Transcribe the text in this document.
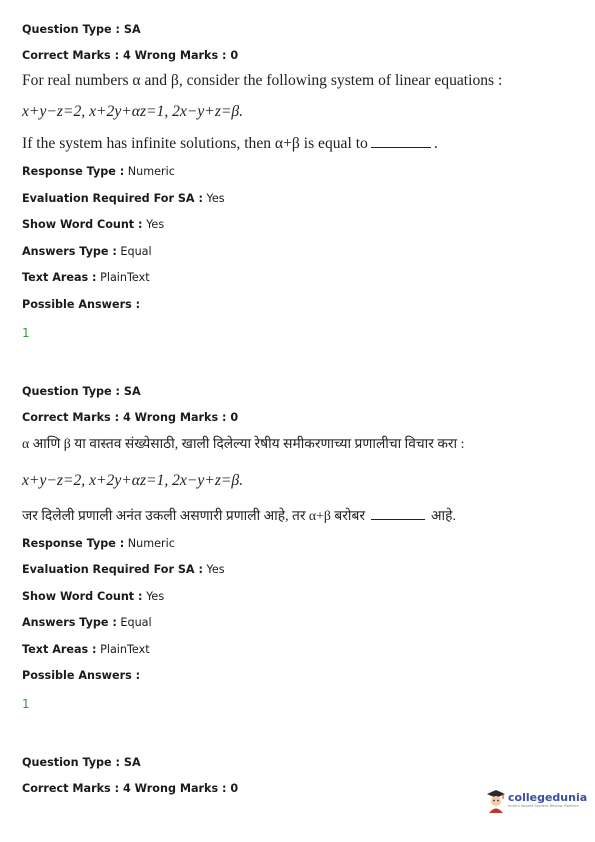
Question Type : SA
Correct Marks : 4 Wrong Marks : 0
For real numbers α and β, consider the following system of linear equations :
x+y−z=2, x+2y+αz=1, 2x−y+z=β.
If the system has infinite solutions, then α+β is equal to	.
Response Type : Numeric
Evaluation Required For SA : Yes
Show Word Count : Yes
Answers Type : Equal
Text Areas : PlainText
Possible Answers :
1
Question Type : SA
Correct Marks : 4 Wrong Marks : 0
α आणि β या वास्तव संख्येसाठी, खाली दिलेल्या रेषीय समीकरणाच्या प्रणालीचा विचार करा :
x+y−z=2, x+2y+αz=1, 2x−y+z=β.
जर दिलेली प्रणाली अनंत उकली असणारी प्रणाली आहे, तर α+β बरोबर	आहे.
Response Type : Numeric
Evaluation Required For SA : Yes
Show Word Count : Yes
Answers Type : Equal
Text Areas : PlainText
Possible Answers :
1
Question Type : SA
Correct Marks : 4 Wrong Marks : 0
collegedunia
India's largest Student Review Platform
